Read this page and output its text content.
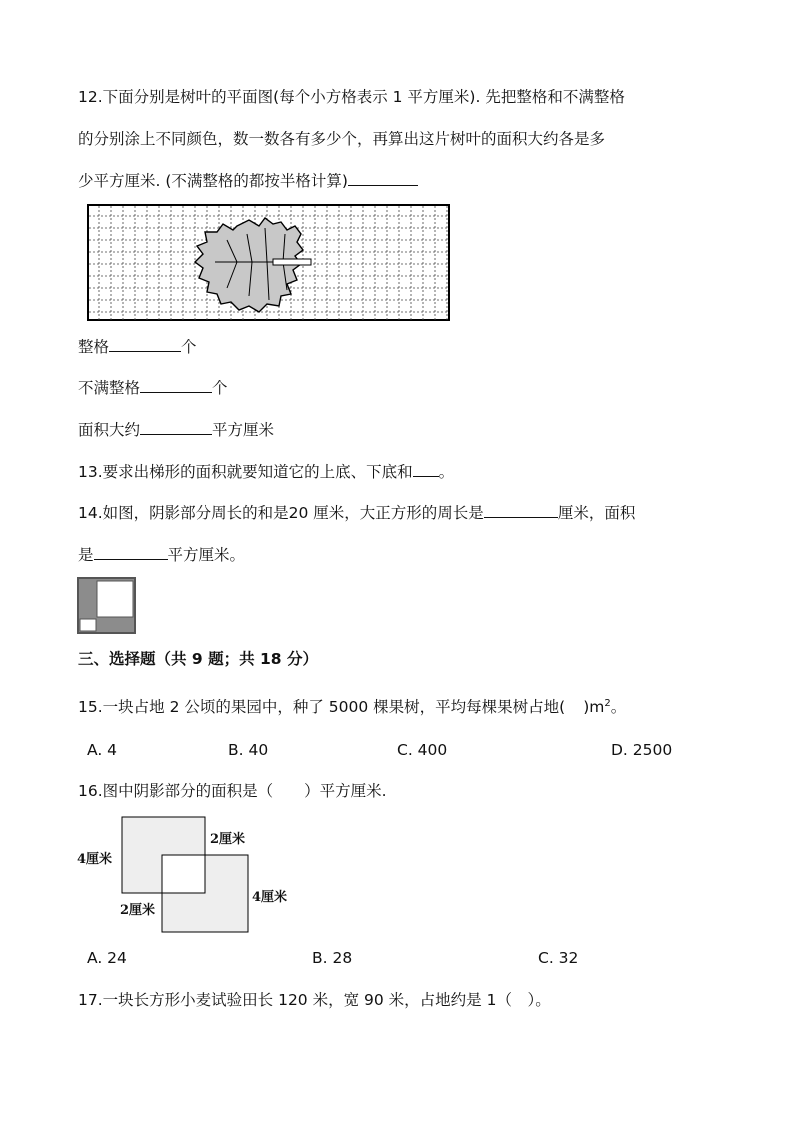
12.下面分别是树叶的平面图(每个小方格表示 1 平方厘米). 先把整格和不满整格
的分别涂上不同颜色，数一数各有多少个，再算出这片树叶的面积大约各是多
少平方厘米. (不满整格的都按半格计算)
整格	个
不满整格	个
面积大约	平方厘米
13.要求出梯形的面积就要知道它的上底、下底和 。
14.如图，阴影部分周长的和是20 厘米，大正方形的周长是	厘米，面积
是	平方厘米。
三、选择题（共 9 题；共 18 分）
15.一块占地 2 公顷的果园中，种了 5000 棵果树，平均每棵果树占地( )$m^2$。
A. 4	B. 40	C. 400	D. 2500
16.图中阴影部分的面积是（　　）平方厘米.
4厘米
2厘米
2厘米
4厘米
A. 24	B. 28	C. 32
17.一块长方形小麦试验田长 120 米，宽 90 米，占地约是 1（　）。
